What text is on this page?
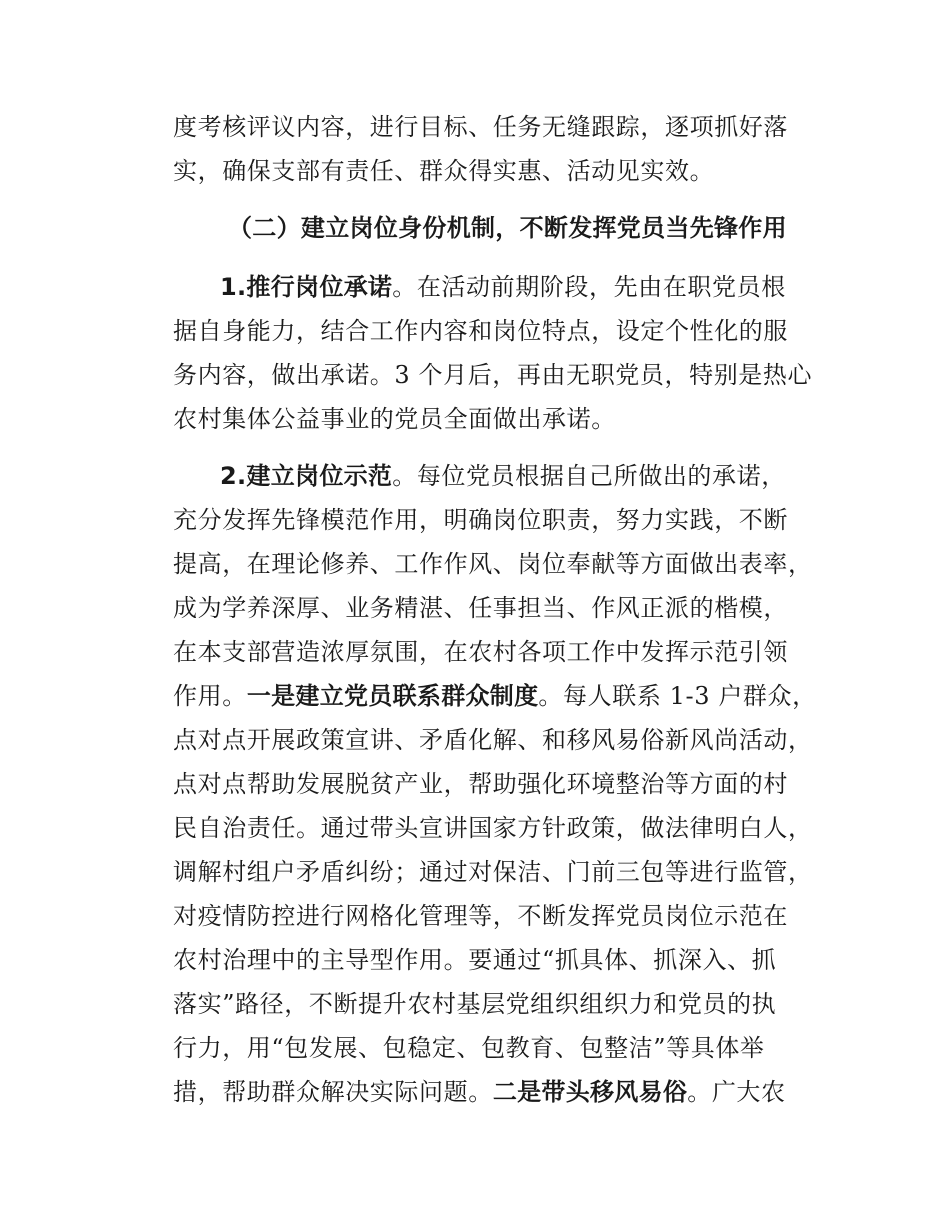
度考核评议内容，进行目标、任务无缝跟踪，逐项抓好落
实，确保支部有责任、群众得实惠、活动见实效。
（二）建立岗位身份机制，不断发挥党员当先锋作用
1.推行岗位承诺。在活动前期阶段，先由在职党员根
据自身能力，结合工作内容和岗位特点，设定个性化的服
务内容，做出承诺。3 个月后，再由无职党员，特别是热心
农村集体公益事业的党员全面做出承诺。
2.建立岗位示范。每位党员根据自己所做出的承诺，
充分发挥先锋模范作用，明确岗位职责，努力实践，不断
提高，在理论修养、工作作风、岗位奉献等方面做出表率，
成为学养深厚、业务精湛、任事担当、作风正派的楷模，
在本支部营造浓厚氛围，在农村各项工作中发挥示范引领
作用。一是建立党员联系群众制度。每人联系 1-3 户群众，
点对点开展政策宣讲、矛盾化解、和移风易俗新风尚活动，
点对点帮助发展脱贫产业，帮助强化环境整治等方面的村
民自治责任。通过带头宣讲国家方针政策，做法律明白人，
调解村组户矛盾纠纷；通过对保洁、门前三包等进行监管，
对疫情防控进行网格化管理等，不断发挥党员岗位示范在
农村治理中的主导型作用。要通过“抓具体、抓深入、抓
落实”路径，不断提升农村基层党组织组织力和党员的执
行力，用“包发展、包稳定、包教育、包整洁”等具体举
措，帮助群众解决实际问题。二是带头移风易俗。广大农
